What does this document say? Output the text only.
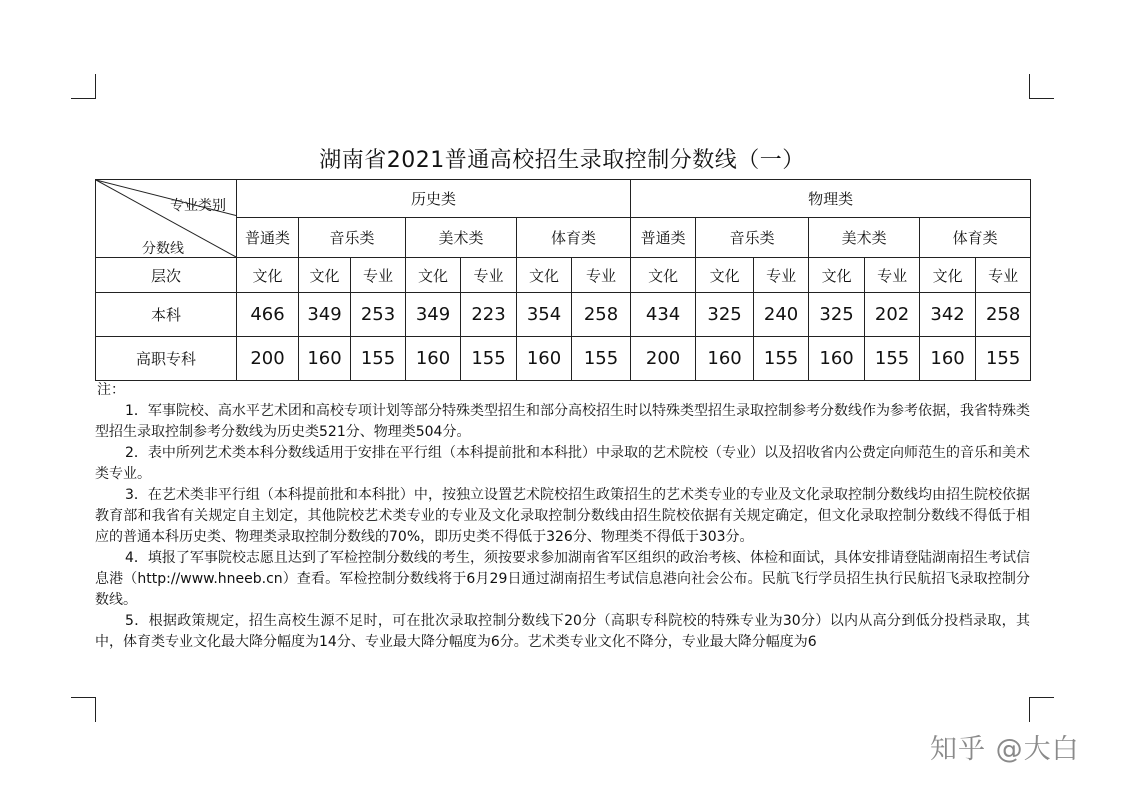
湖南省2021普通高校招生录取控制分数线（一）
专业类别
分数线	历史类							物理类						
	普通类	音乐类		美术类		体育类		普通类	音乐类		美术类		体育类	
层次	文化	文化	专业	文化	专业	文化	专业	文化	文化	专业	文化	专业	文化	专业
本科	466	349	253	349	223	354	258	434	325	240	325	202	342	258
高职专科	200	160	155	160	155	160	155	200	160	155	160	155	160	155
注：

1．军事院校、高水平艺术团和高校专项计划等部分特殊类型招生和部分高校招生时以特殊类型招生录取控制参考分数线作为参考依据，我省特殊类型招生录取控制参考分数线为历史类521分、物理类504分。

2．表中所列艺术类本科分数线适用于安排在平行组（本科提前批和本科批）中录取的艺术院校（专业）以及招收省内公费定向师范生的音乐和美术类专业。

3．在艺术类非平行组（本科提前批和本科批）中，按独立设置艺术院校招生政策招生的艺术类专业的专业及文化录取控制分数线均由招生院校依据教育部和我省有关规定自主划定，其他院校艺术类专业的专业及文化录取控制分数线由招生院校依据有关规定确定，但文化录取控制分数线不得低于相应的普通本科历史类、物理类录取控制分数线的70%，即历史类不得低于326分、物理类不得低于303分。

4．填报了军事院校志愿且达到了军检控制分数线的考生，须按要求参加湖南省军区组织的政治考核、体检和面试，具体安排请登陆湖南招生考试信息港（http://www.hneeb.cn）查看。军检控制分数线将于6月29日通过湖南招生考试信息港向社会公布。民航飞行学员招生执行民航招飞录取控制分数线。

5．根据政策规定，招生高校生源不足时，可在批次录取控制分数线下20分（高职专科院校的特殊专业为30分）以内从高分到低分投档录取，其中，体育类专业文化最大降分幅度为14分、专业最大降分幅度为6分。艺术类专业文化不降分，专业最大降分幅度为6

知乎 @大白
